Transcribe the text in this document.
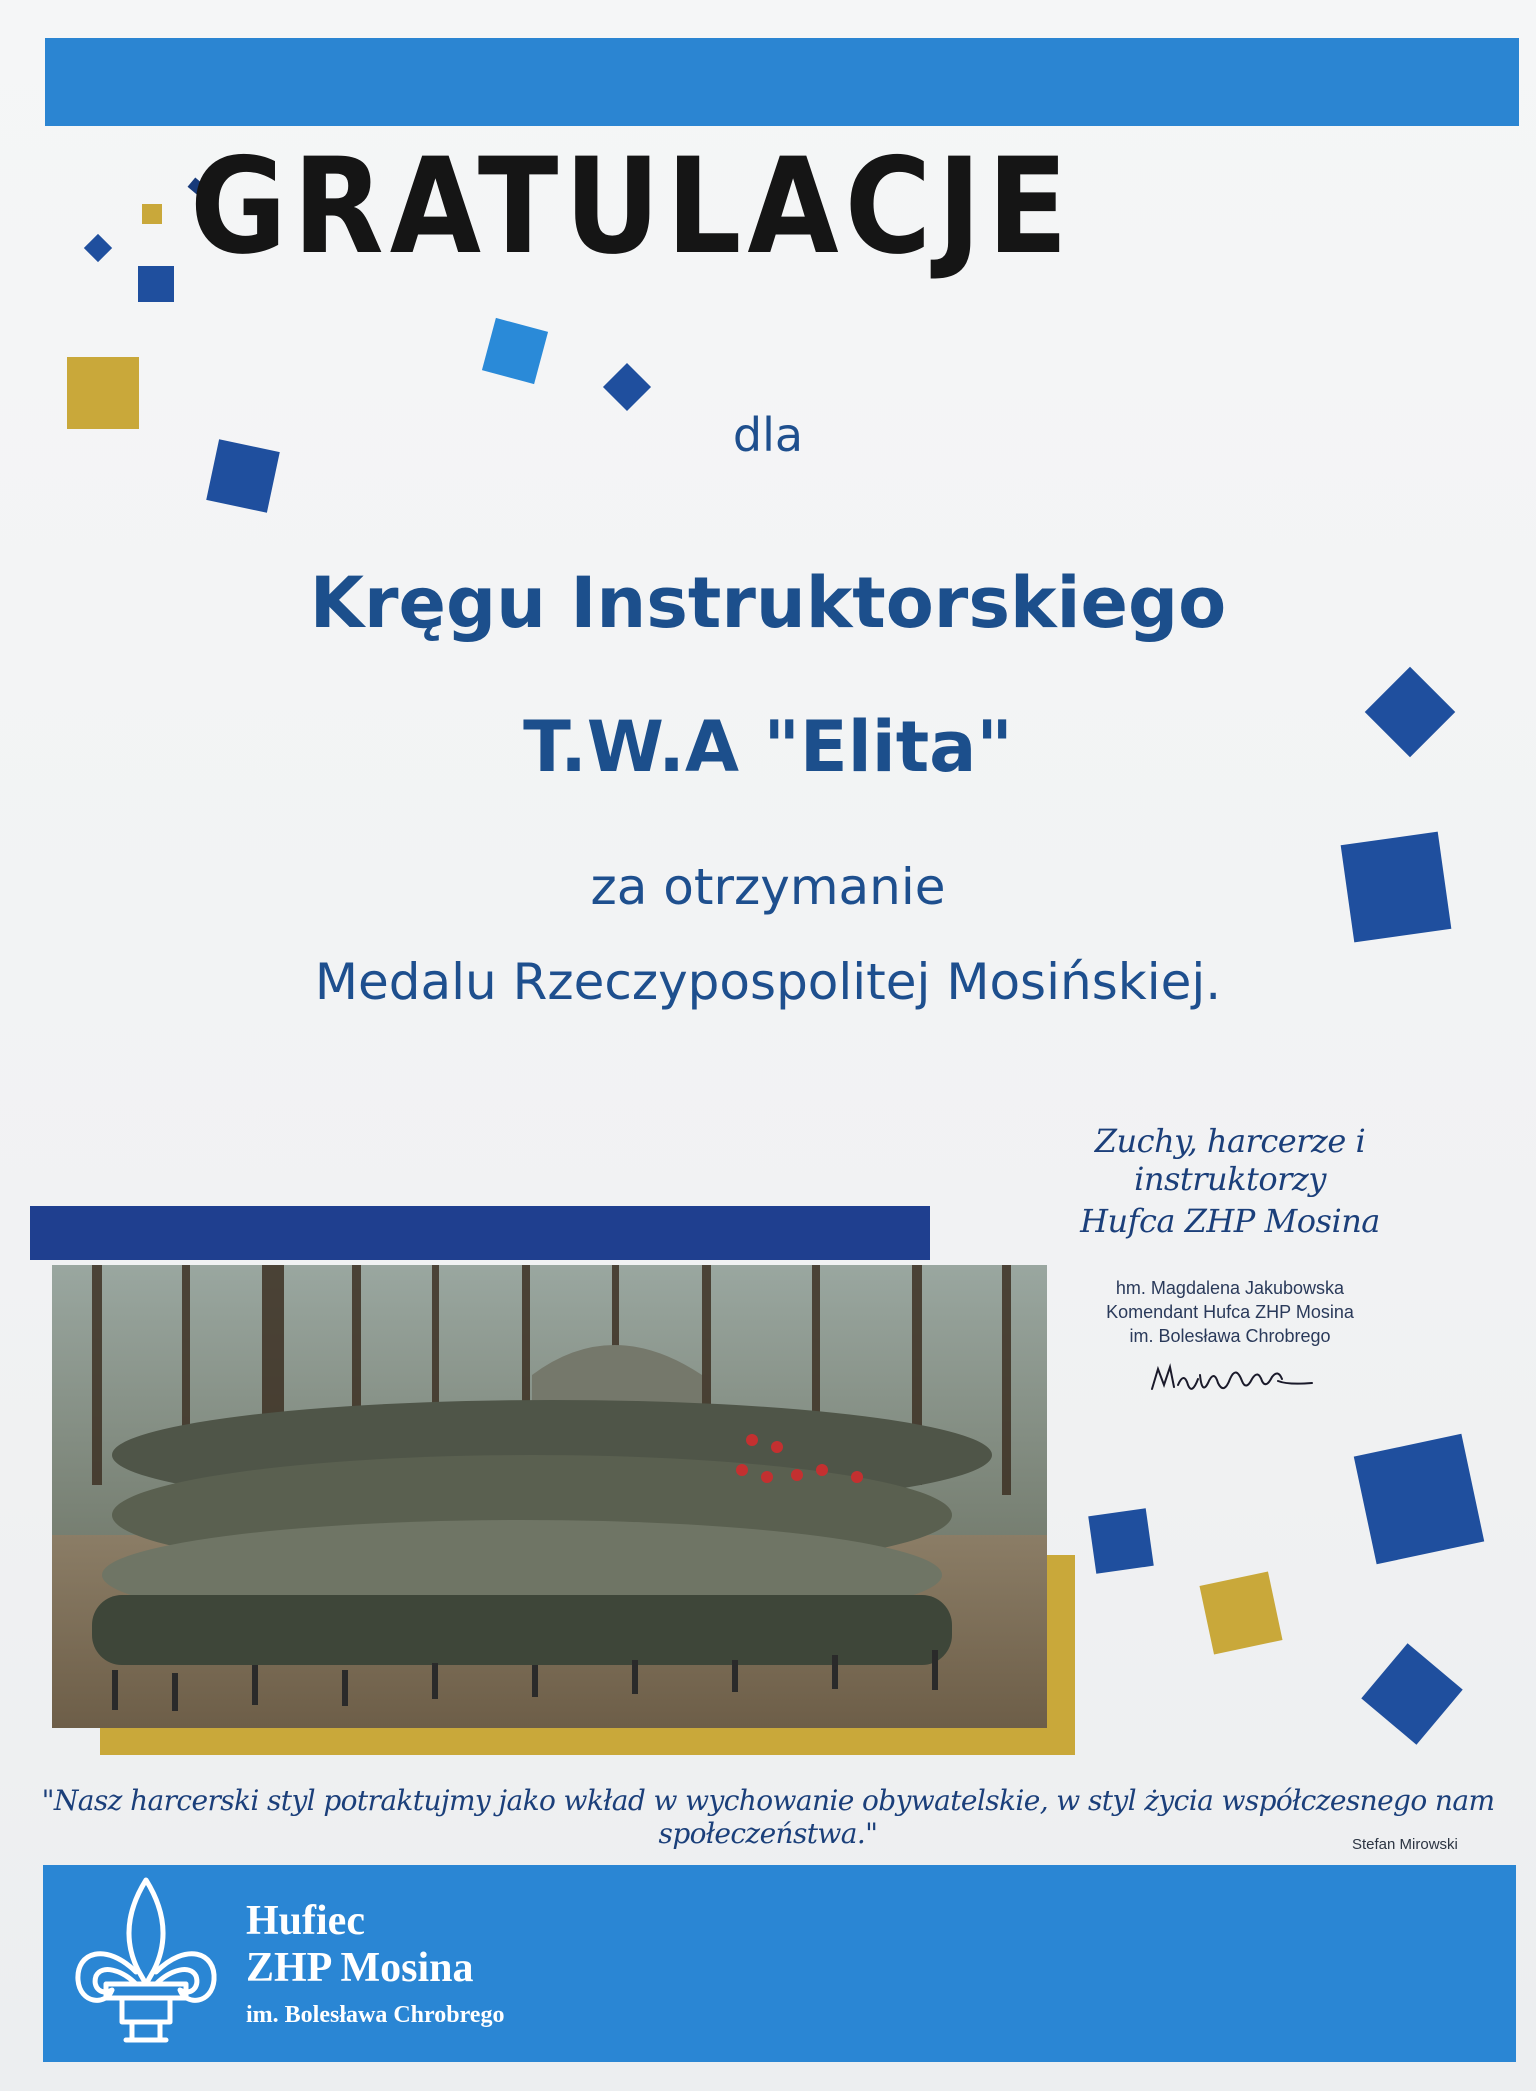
GRATULACJE
dla
Kręgu Instruktorskiego
T.W.A "Elita"
za otrzymanie
Medalu Rzeczypospolitej Mosińskiej.
Zuchy, harcerze i instruktorzy
Hufca ZHP Mosina
hm. Magdalena Jakubowska
Komendant Hufca ZHP Mosina
im. Bolesława Chrobrego
"Nasz harcerski styl potraktujmy jako wkład w wychowanie obywatelskie, w styl życia współczesnego nam społeczeństwa."	Stefan Mirowski
Hufiec
ZHP Mosina
im. Bolesława Chrobrego
